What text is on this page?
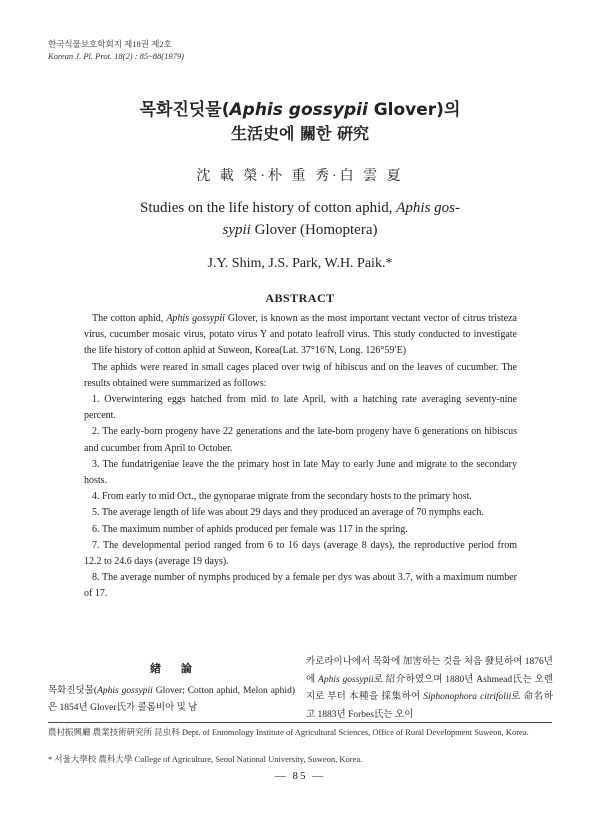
한국식물보호학회지 제18권 제2호
Korean J. Pl. Prot. 18(2) : 85~88(1979)
목화진딧물(Aphis gossypii Glover)의
生活史에 關한 硏究
沈 載 榮·朴 重 秀·白 雲 夏
Studies on the life history of cotton aphid, Aphis gos-
sypii Glover (Homoptera)
J.Y. Shim, J.S. Park, W.H. Paik.*
ABSTRACT

The cotton aphid, Aphis gossypii Glover, is known as the most important vectant vector of citrus tristeza virus, cucumber mosaic virus, potato virus Y and potato leafroll virus. This study conducted to investigate the life history of cotton aphid at Suweon, Korea(Lat. 37°16′N, Long. 126°59′E)

The aphids were reared in small cages placed over twig of hibiscus and on the leaves of cucumber. The results obtained were summarized as follows:

1. Overwintering eggs hatched from mid to late April, with a hatching rate averaging seventy-nine percent.

2. The early-born progeny have 22 generations and the late-born progeny have 6 generations on hibiscus and cucumber from April to October.

3. The fundatrigeniae leave the the primary host in late May to early June and migrate to the secondary hosts.

4. From early to mid Oct., the gynoparae migrate from the secondary hosts to the primary host.

5. The average length of life was about 29 days and they produced an average of 70 nymphs each.

6. The maximum number of aphids produced per female was 117 in the spring.

7. The developmental period ranged from 6 to 16 days (average 8 days), the reproductive period from 12.2 to 24.6 days (average 19 days).

8. The average number of nymphs produced by a female per dys was about 3.7, with a maximum number of 17.

緖 論

목화진딧물(Aphis gossypii Glover; Cotton aphid, Melon aphid)은 1854년 Glover氏가 콜롬비아 및 남

카로라이나에서 목화에 加害하는 것을 처음 發見하여 1876년에 Aphis gossypii로 紹介하였으며 1880년 Ashmead氏는 오렌지로 부터 本種을 採集하여 Siphonophora citrifolii로 命名하고 1883년 Forbes氏는 오이

農村振興廳 農業技術硏究所 昆虫科 Dept. of Entomology Institute of Agricultural Sciences, Office of Rural Development Suweon, Korea.
* 서울大學校 農科大學 College of Agriculture, Seoul National University, Suweon, Korea.
— 85 —
